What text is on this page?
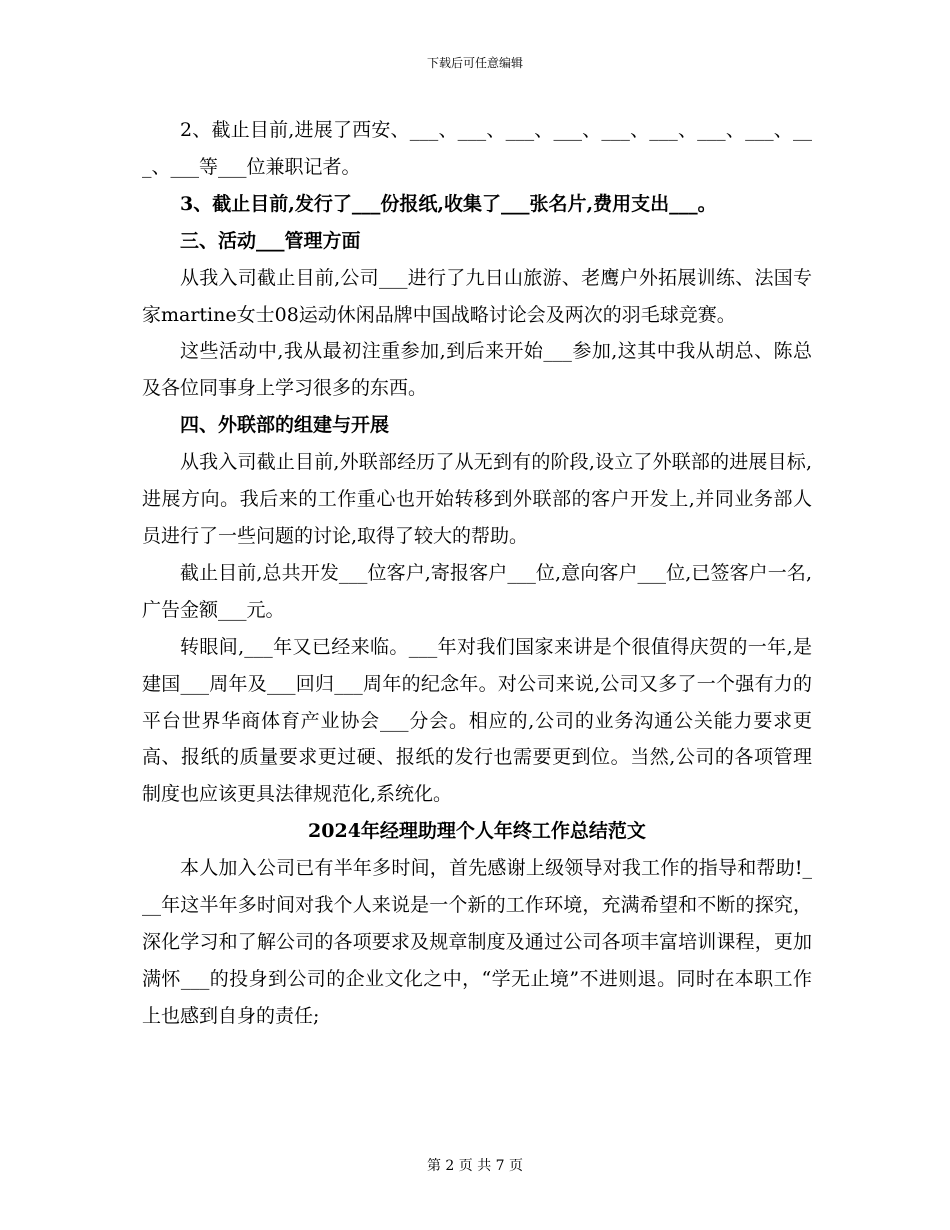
下载后可任意编辑

2、截止目前,进展了西安、___、___、___、___、___、___、___、___、___、___等___位兼职记者。

3、截止目前,发行了___份报纸,收集了___张名片,费用支出___。

三、活动___管理方面

从我入司截止目前,公司___进行了九日山旅游、老鹰户外拓展训练、法国专家martine女士08运动休闲品牌中国战略讨论会及两次的羽毛球竞赛。

这些活动中,我从最初注重参加,到后来开始___参加,这其中我从胡总、陈总及各位同事身上学习很多的东西。

四、外联部的组建与开展

从我入司截止目前,外联部经历了从无到有的阶段,设立了外联部的进展目标,进展方向。我后来的工作重心也开始转移到外联部的客户开发上,并同业务部人员进行了一些问题的讨论,取得了较大的帮助。

截止目前,总共开发___位客户,寄报客户___位,意向客户___位,已签客户一名,广告金额___元。

转眼间,___年又已经来临。___年对我们国家来讲是个很值得庆贺的一年,是建国___周年及___回归___周年的纪念年。对公司来说,公司又多了一个强有力的平台世界华商体育产业协会___分会。相应的,公司的业务沟通公关能力要求更高、报纸的质量要求更过硬、报纸的发行也需要更到位。当然,公司的各项管理制度也应该更具法律规范化,系统化。

2024年经理助理个人年终工作总结范文

本人加入公司已有半年多时间，首先感谢上级领导对我工作的指导和帮助!___年这半年多时间对我个人来说是一个新的工作环境，充满希望和不断的探究，深化学习和了解公司的各项要求及规章制度及通过公司各项丰富培训课程，更加满怀___的投身到公司的企业文化之中，“学无止境”不进则退。同时在本职工作上也感到自身的责任;

第 2 页 共 7 页
